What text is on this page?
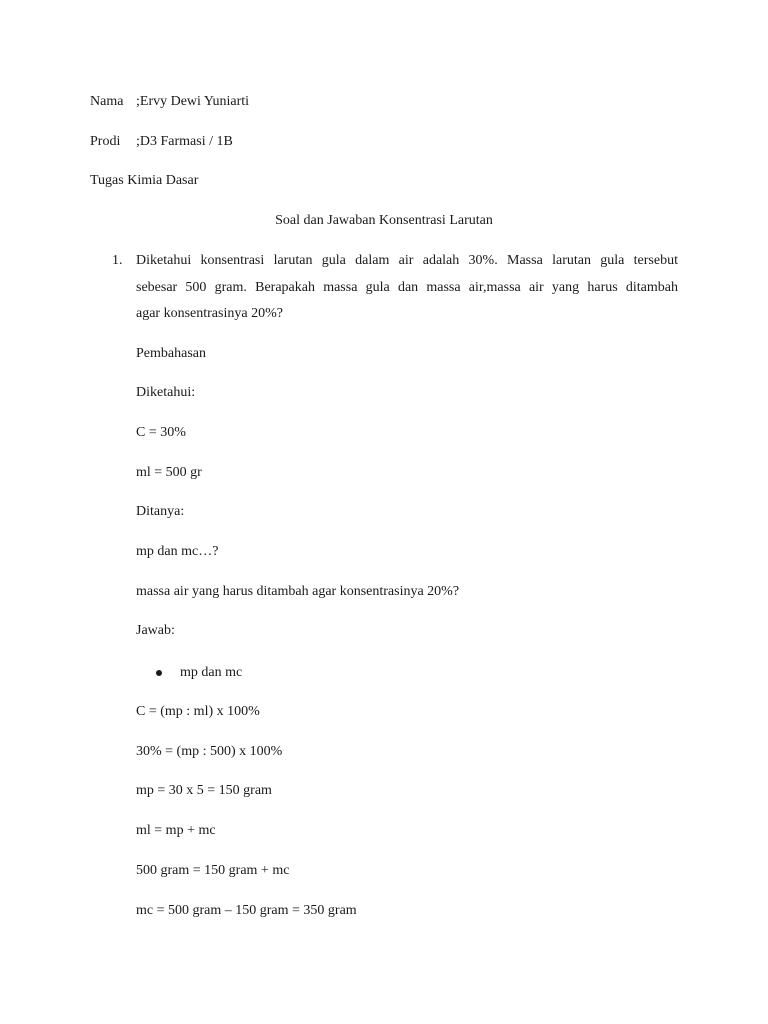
Nama ;Ervy Dewi Yuniarti
Prodi ;D3 Farmasi / 1B
Tugas Kimia Dasar
Soal dan Jawaban Konsentrasi Larutan
1. Diketahui konsentrasi larutan gula dalam air adalah 30%. Massa larutan gula tersebut
sebesar 500 gram. Berapakah massa gula dan massa air,massa air yang harus ditambah
agar konsentrasinya 20%?
Pembahasan
Diketahui:
C = 30%
ml = 500 gr
Ditanya:
mp dan mc…?
massa air yang harus ditambah agar konsentrasinya 20%?
Jawab:
mp dan mc
C = (mp : ml) x 100%
30% = (mp : 500) x 100%
mp = 30 x 5 = 150 gram
ml = mp + mc
500 gram = 150 gram + mc
mc = 500 gram – 150 gram = 350 gram
